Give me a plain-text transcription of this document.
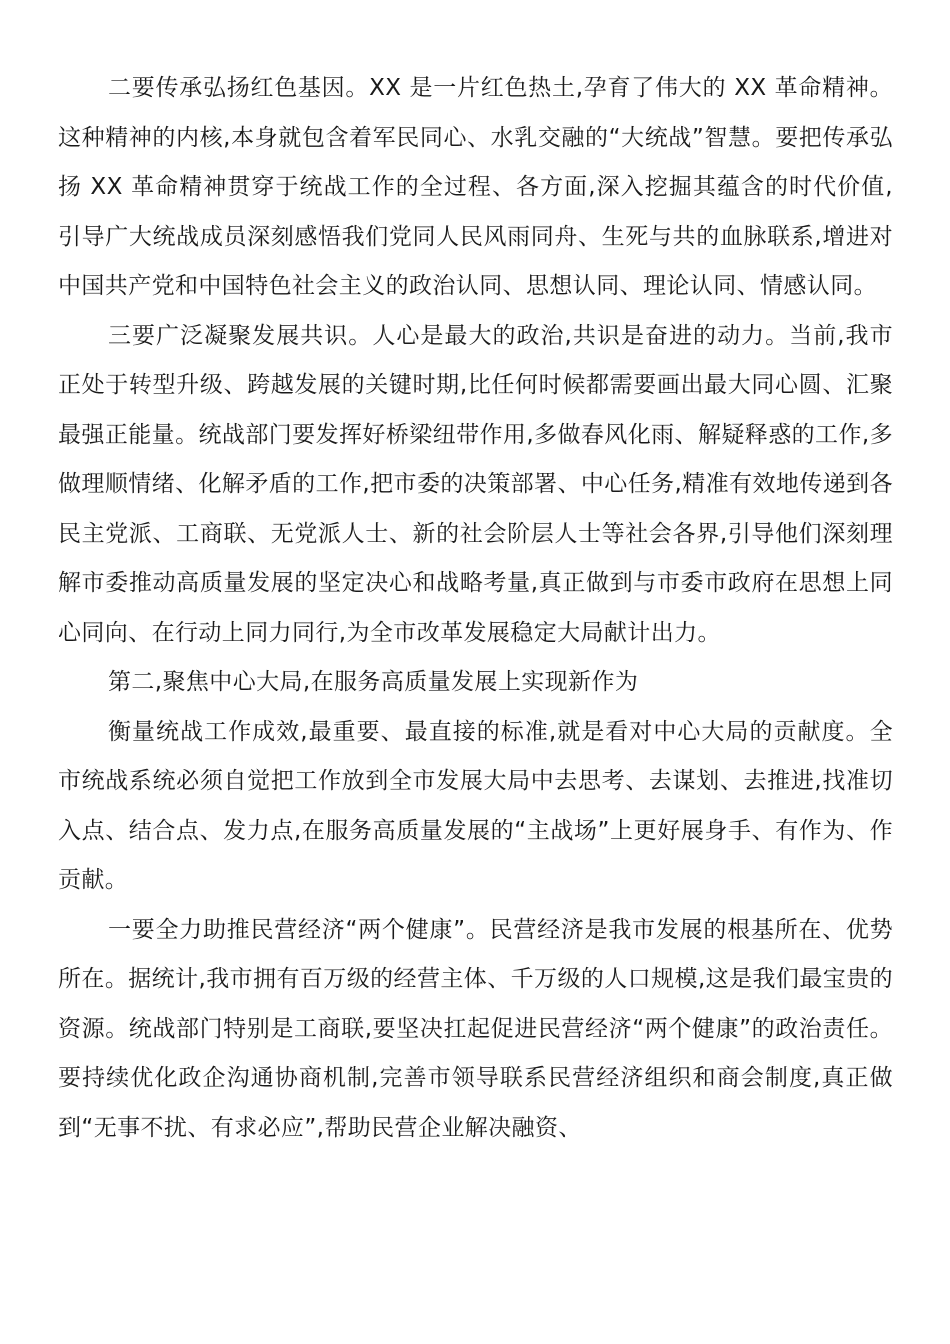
二要传承弘扬红色基因。XX 是一片红色热土,孕育了伟大的 XX 革命精神。这种精神的内核,本身就包含着军民同心、水乳交融的“大统战”智慧。要把传承弘扬 XX 革命精神贯穿于统战工作的全过程、各方面,深入挖掘其蕴含的时代价值,引导广大统战成员深刻感悟我们党同人民风雨同舟、生死与共的血脉联系,增进对中国共产党和中国特色社会主义的政治认同、思想认同、理论认同、情感认同。

三要广泛凝聚发展共识。人心是最大的政治,共识是奋进的动力。当前,我市正处于转型升级、跨越发展的关键时期,比任何时候都需要画出最大同心圆、汇聚最强正能量。统战部门要发挥好桥梁纽带作用,多做春风化雨、解疑释惑的工作,多做理顺情绪、化解矛盾的工作,把市委的决策部署、中心任务,精准有效地传递到各民主党派、工商联、无党派人士、新的社会阶层人士等社会各界,引导他们深刻理解市委推动高质量发展的坚定决心和战略考量,真正做到与市委市政府在思想上同心同向、在行动上同力同行,为全市改革发展稳定大局献计出力。

第二,聚焦中心大局,在服务高质量发展上实现新作为

衡量统战工作成效,最重要、最直接的标准,就是看对中心大局的贡献度。全市统战系统必须自觉把工作放到全市发展大局中去思考、去谋划、去推进,找准切入点、结合点、发力点,在服务高质量发展的“主战场”上更好展身手、有作为、作贡献。

一要全力助推民营经济“两个健康”。民营经济是我市发展的根基所在、优势所在。据统计,我市拥有百万级的经营主体、千万级的人口规模,这是我们最宝贵的资源。统战部门特别是工商联,要坚决扛起促进民营经济“两个健康”的政治责任。要持续优化政企沟通协商机制,完善市领导联系民营经济组织和商会制度,真正做到“无事不扰、有求必应”,帮助民营企业解决融资、
